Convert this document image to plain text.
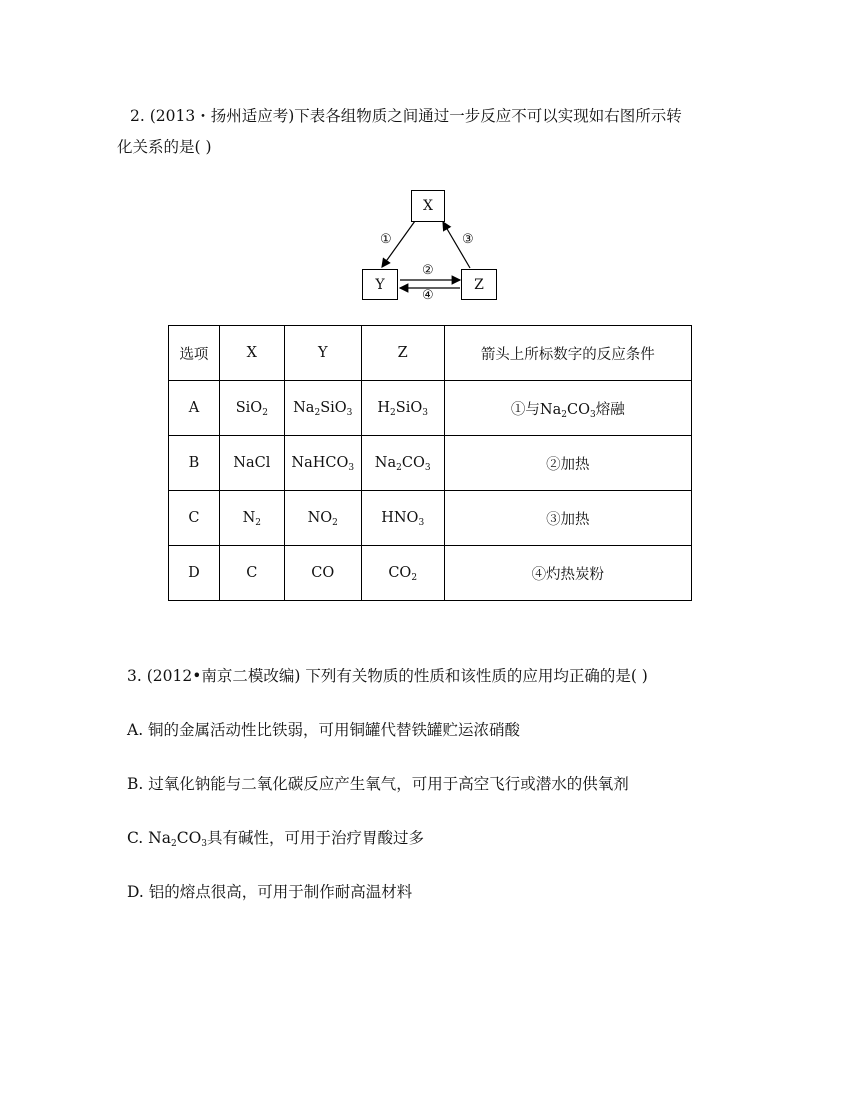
2. (2013・扬州适应考)下表各组物质之间通过一步反应不可以实现如右图所示转
化关系的是( )
X
Y	Z
①	③
②
④
选项	X	Y	Z	箭头上所标数字的反应条件
A	SiO$_2$	$Na_2SiO_3$	$H_2SiO_3$	①与$Na_2CO_3$熔融
B	NaCl	NaHCO$_3$	$Na_2CO_3$	②加热
C	$N_2$	$NO_2$	$HNO_3$	③加热
D	C	CO	$CO_2$	④灼热炭粉
3. (2012•南京二模改编) 下列有关物质的性质和该性质的应用均正确的是( )
A. 铜的金属活动性比铁弱，可用铜罐代替铁罐贮运浓硝酸
B. 过氧化钠能与二氧化碳反应产生氧气，可用于高空飞行或潜水的供氧剂
C. $Na_2CO_3$具有碱性，可用于治疗胃酸过多
D. 铝的熔点很高，可用于制作耐高温材料
